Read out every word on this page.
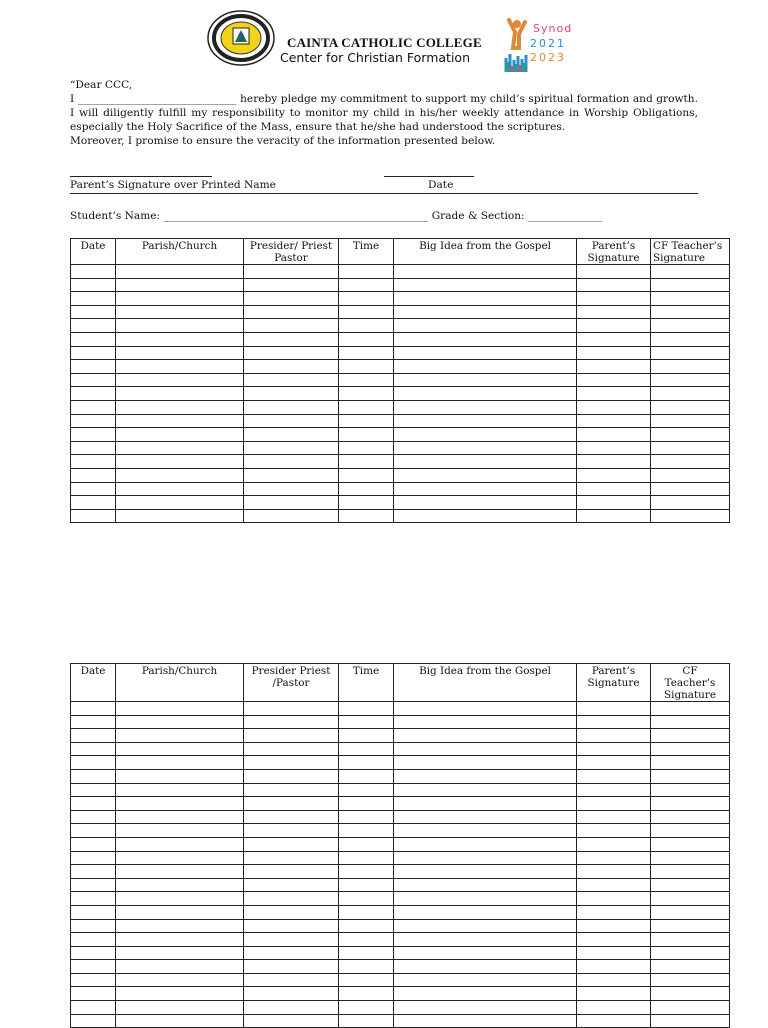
CAINTA CATHOLIC COLLEGE
Center for Christian Formation
Synod
2021
2023

“Dear CCC,

I ______________________________ hereby pledge my commitment to support my child’s spiritual formation and growth. I will diligently fulfill my responsibility to monitor my child in his/her weekly attendance in Worship Obligations, especially the Holy Sacrifice of the Mass, ensure that he/she had understood the scriptures.

Moreover, I promise to ensure the veracity of the information presented below.

Parent’s Signature over Printed Name	Date
Student’s Name: __________________________________________________ Grade & Section: ______________
Date	Parish/Church	Presider/ Priest Pastor	Time	Big Idea from the Gospel	Parent’s Signature	CF Teacher’s Signature

Date	Parish/Church	Presider Priest /Pastor	Time	Big Idea from the Gospel	Parent’s Signature	CF Teacher’s Signature
